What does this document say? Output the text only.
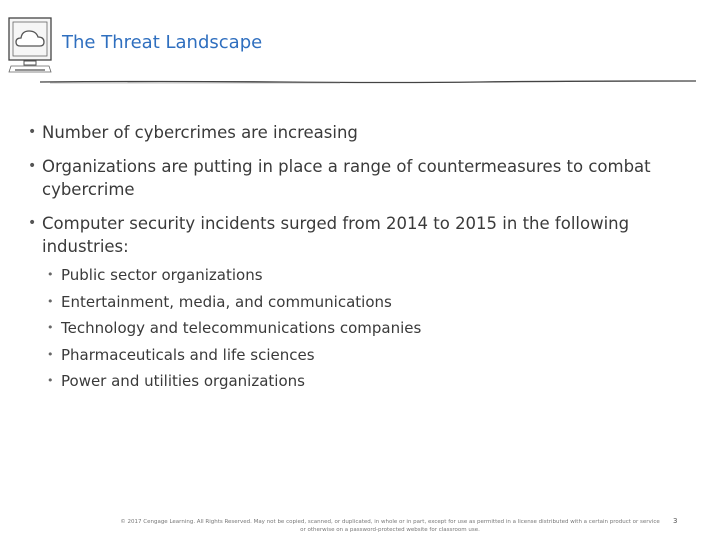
The Threat Landscape
• Number of cybercrimes are increasing
• Organizations are putting in place a range of countermeasures to combat cybercrime
• Computer security incidents surged from 2014 to 2015 in the following industries:
• Public sector organizations
• Entertainment, media, and communications
• Technology and telecommunications companies
• Pharmaceuticals and life sciences
• Power and utilities organizations
© 2017 Cengage Learning. All Rights Reserved. May not be copied, scanned, or duplicated, in whole or in part, except for use as permitted in a license distributed with a certain product or service or otherwise on a password-protected website for classroom use.
3
